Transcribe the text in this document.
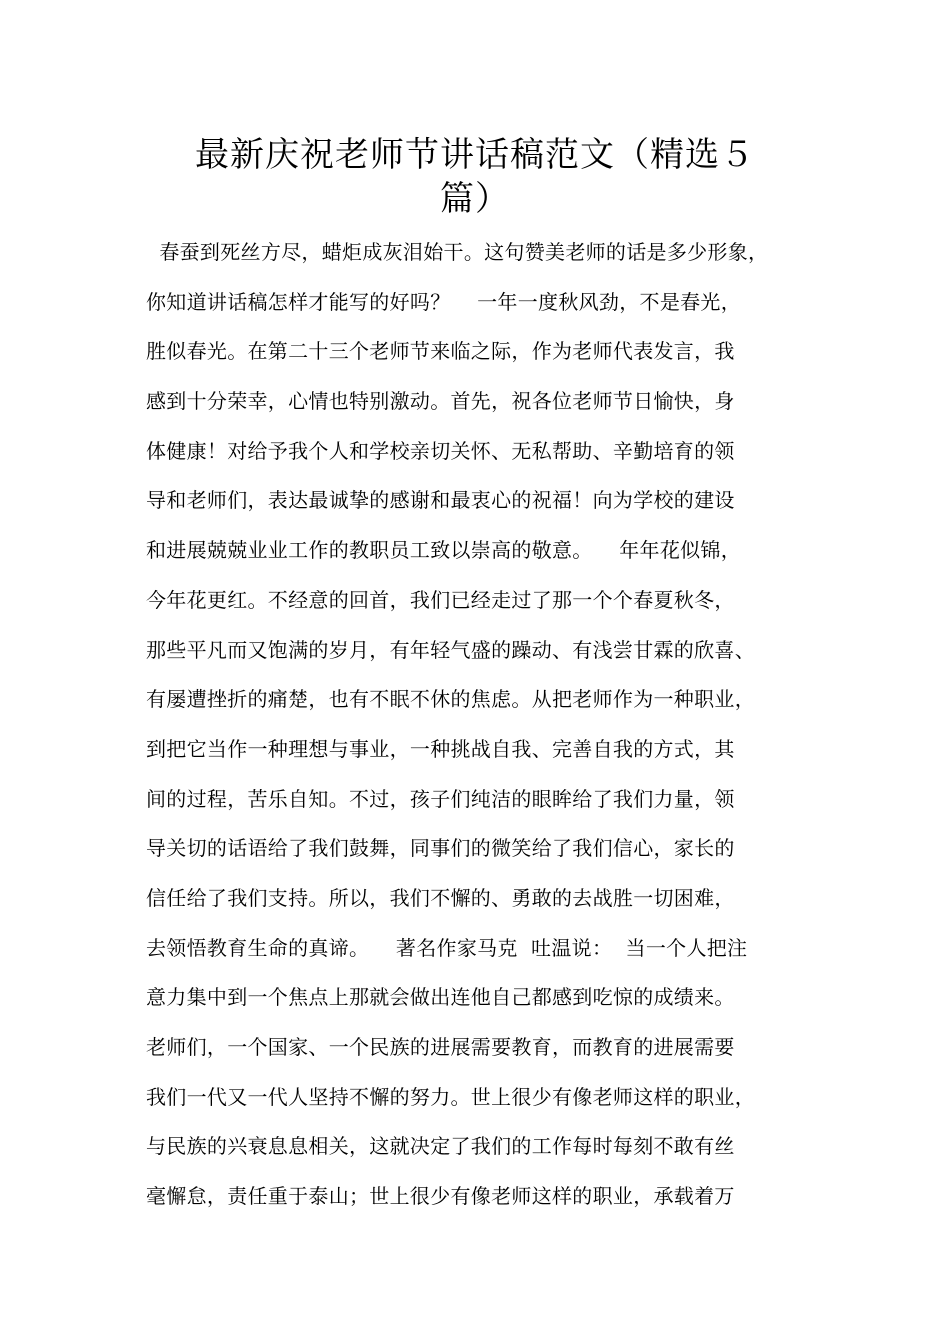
最新庆祝老师节讲话稿范文（精选５
篇）
春蚕到死丝方尽，蜡炬成灰泪始干。这句赞美老师的话是多少形象，
你知道讲话稿怎样才能写的好吗？    一年一度秋风劲，不是春光，
胜似春光。在第二十三个老师节来临之际，作为老师代表发言，我
感到十分荣幸，心情也特别激动。首先，祝各位老师节日愉快，身
体健康！对给予我个人和学校亲切关怀、无私帮助、辛勤培育的领
导和老师们，表达最诚挚的感谢和最衷心的祝福！向为学校的建设
和进展兢兢业业工作的教职员工致以崇高的敬意。    年年花似锦，
今年花更红。不经意的回首，我们已经走过了那一个个春夏秋冬，
那些平凡而又饱满的岁月，有年轻气盛的躁动、有浅尝甘霖的欣喜、
有屡遭挫折的痛楚，也有不眠不休的焦虑。从把老师作为一种职业，
到把它当作一种理想与事业，一种挑战自我、完善自我的方式，其
间的过程，苦乐自知。不过，孩子们纯洁的眼眸给了我们力量，领
导关切的话语给了我们鼓舞，同事们的微笑给了我们信心，家长的
信任给了我们支持。所以，我们不懈的、勇敢的去战胜一切困难，
去领悟教育生命的真谛。    著名作家马克  吐温说：  当一个人把注
意力集中到一个焦点上那就会做出连他自己都感到吃惊的成绩来。
老师们，一个国家、一个民族的进展需要教育，而教育的进展需要
我们一代又一代人坚持不懈的努力。世上很少有像老师这样的职业，
与民族的兴衰息息相关，这就决定了我们的工作每时每刻不敢有丝
毫懈怠，责任重于泰山；世上很少有像老师这样的职业，承载着万
